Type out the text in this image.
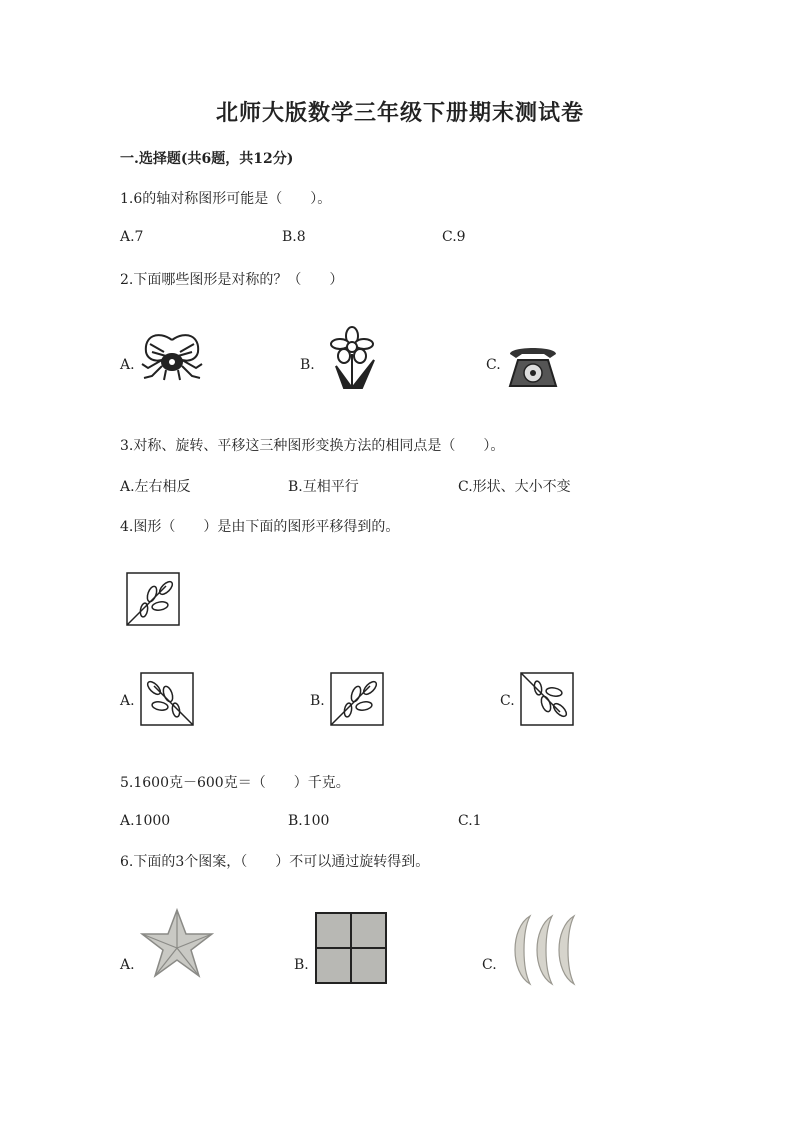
北师大版数学三年级下册期末测试卷
一.选择题(共6题，共12分)
1.6的轴对称图形可能是（　　）。
A.7	B.8	C.9
2.下面哪些图形是对称的？（　　）
A.	B.	C.
3.对称、旋转、平移这三种图形变换方法的相同点是（　　）。
A.左右相反	B.互相平行	C.形状、大小不变
4.图形（　　）是由下面的图形平移得到的。
A.	B.	C.
5.1600克－600克＝（　　）千克。
A.1000	B.100	C.1
6.下面的3个图案，（　　）不可以通过旋转得到。
A.	B.	C.
